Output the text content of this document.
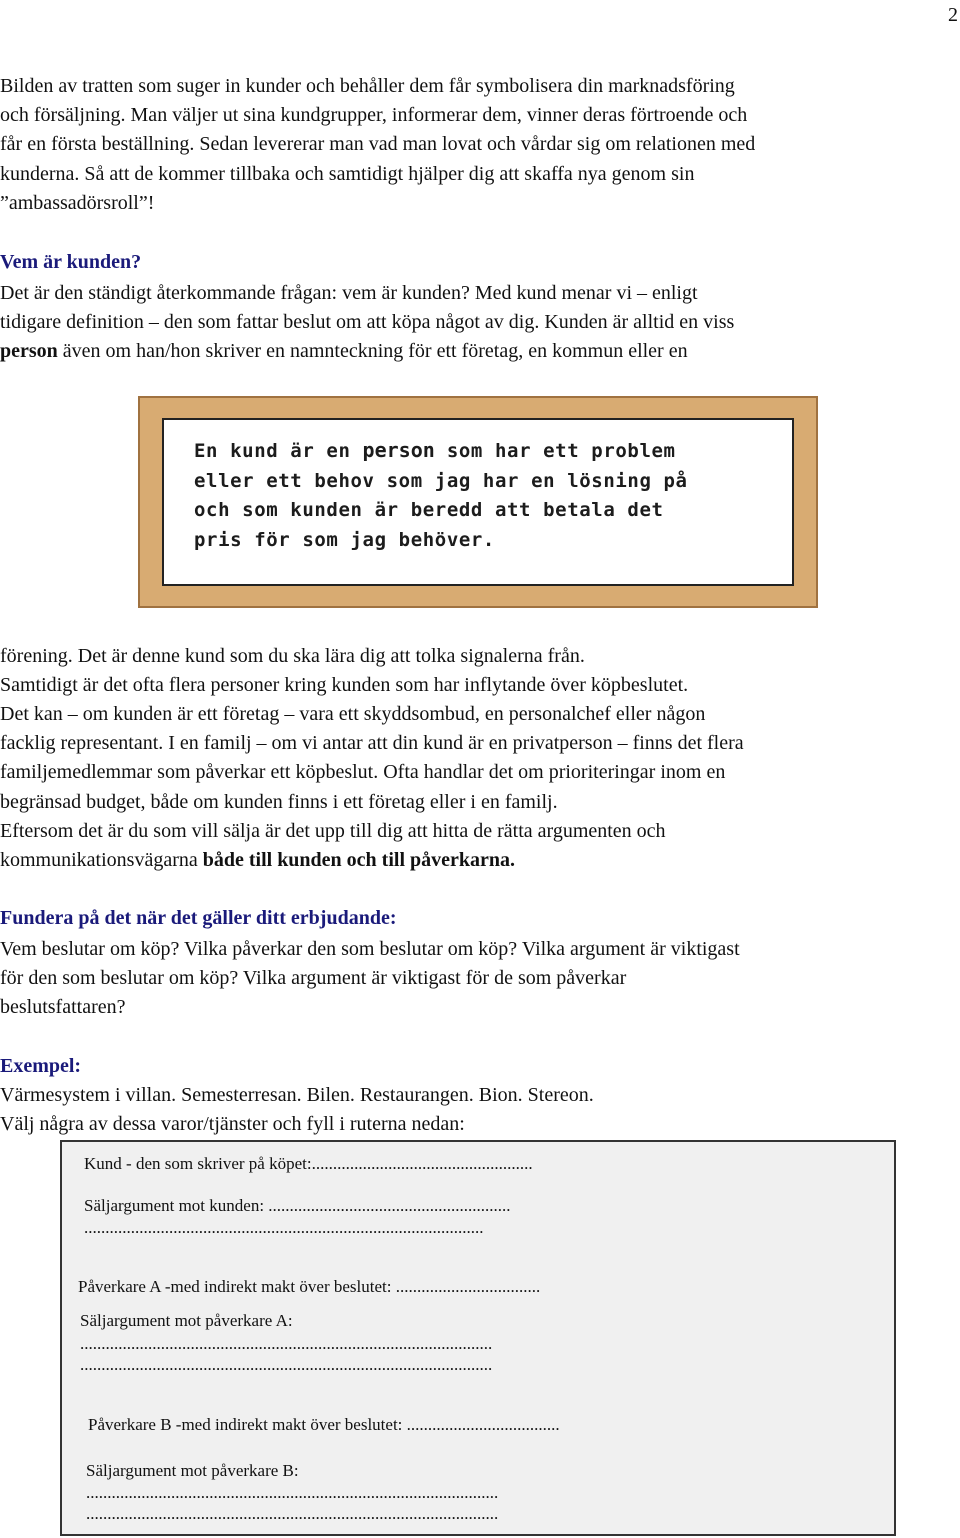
2
Bilden av tratten som suger in kunder och behåller dem får symbolisera din marknadsföring
och försäljning. Man väljer ut sina kundgrupper, informerar dem, vinner deras förtroende och
får en första beställning. Sedan levererar man vad man lovat och vårdar sig om relationen med
kunderna. Så att de kommer tillbaka och samtidigt hjälper dig att skaffa nya genom sin
”ambassadörsroll”!
Vem är kunden?
Det är den ständigt återkommande frågan: vem är kunden? Med kund menar vi – enligt
tidigare definition – den som fattar beslut om att köpa något av dig. Kunden är alltid en viss
person även om han/hon skriver en namnteckning för ett företag, en kommun eller en
En kund är en person som har ett problem
eller ett behov som jag har en lösning på
och som kunden är beredd att betala det
pris för som jag behöver.
förening. Det är denne kund som du ska lära dig att tolka signalerna från.
Samtidigt är det ofta flera personer kring kunden som har inflytande över köpbeslutet.
Det kan – om kunden är ett företag – vara ett skyddsombud, en personalchef eller någon
facklig representant. I en familj – om vi antar att din kund är en privatperson – finns det flera
familjemedlemmar som påverkar ett köpbeslut. Ofta handlar det om prioriteringar inom en
begränsad budget, både om kunden finns i ett företag eller i en familj.
Eftersom det är du som vill sälja är det upp till dig att hitta de rätta argumenten och
kommunikationsvägarna både till kunden och till påverkarna.
Fundera på det när det gäller ditt erbjudande:
Vem beslutar om köp? Vilka påverkar den som beslutar om köp? Vilka argument är viktigast
för den som beslutar om köp? Vilka argument är viktigast för de som påverkar
beslutsfattaren?
Exempel:
Värmesystem i villan. Semesterresan. Bilen. Restaurangen. Bion. Stereon.
Välj några av dessa varor/tjänster och fyll i ruterna nedan:
Kund - den som skriver på köpet:....................................................
Säljargument mot kunden: .........................................................
..............................................................................................
Påverkare A -med indirekt makt över beslutet: ..................................
Säljargument mot påverkare A:
.................................................................................................
.................................................................................................
Påverkare B -med indirekt makt över beslutet: ....................................
Säljargument mot påverkare B:
.................................................................................................
.................................................................................................
